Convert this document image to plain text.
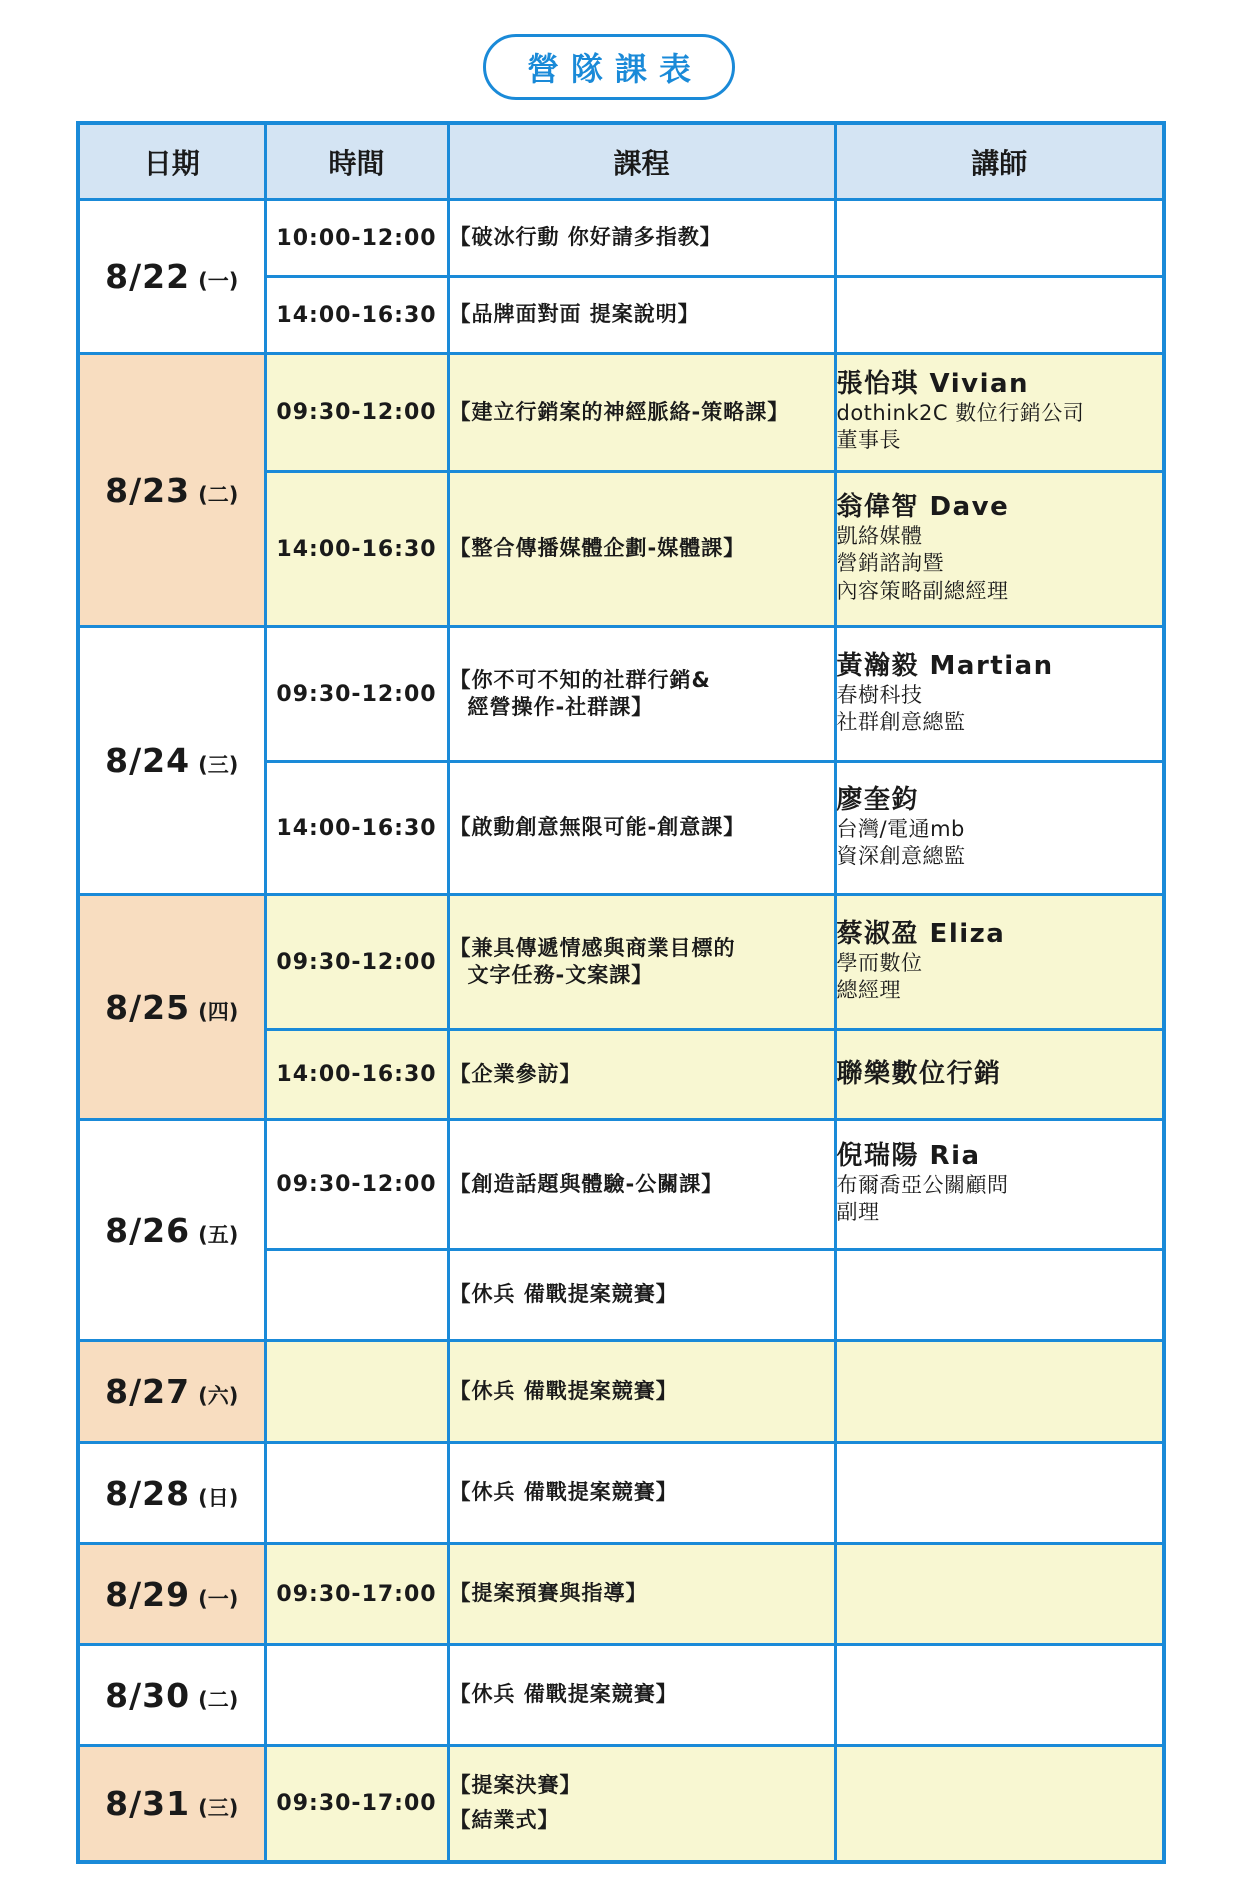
營隊課表
日期	時間	課程	講師
8/22 (一)	10:00-12:00	【破冰行動 你好請多指教】	

	14:00-16:30	【品牌面對面 提案說明】	

8/23 (二)	09:30-12:00	【建立行銷案的神經脈絡-策略課】	張怡琪 Vivian
dothink2C 數位行銷公司
董事長

	14:00-16:30	【整合傳播媒體企劃-媒體課】	翁偉智 Dave
凱絡媒體
營銷諮詢暨
內容策略副總經理

8/24 (三)	09:30-12:00	【你不可不知的社群行銷&
經營操作-社群課】	黃瀚毅 Martian
春樹科技
社群創意總監

	14:00-16:30	【啟動創意無限可能-創意課】	廖奎鈞
台灣/電通mb
資深創意總監

8/25 (四)	09:30-12:00	【兼具傳遞情感與商業目標的
文字任務-文案課】	蔡淑盈 Eliza
學而數位
總經理

	14:00-16:30	【企業參訪】	聯樂數位行銷

8/26 (五)	09:30-12:00	【創造話題與體驗-公關課】	倪瑞陽 Ria
布爾喬亞公關顧問
副理

		【休兵 備戰提案競賽】	

8/27 (六)		【休兵 備戰提案競賽】	

8/28 (日)		【休兵 備戰提案競賽】	

8/29 (一)	09:30-17:00	【提案預賽與指導】	

8/30 (二)		【休兵 備戰提案競賽】	

8/31 (三)	09:30-17:00	【提案決賽】
【結業式】	
